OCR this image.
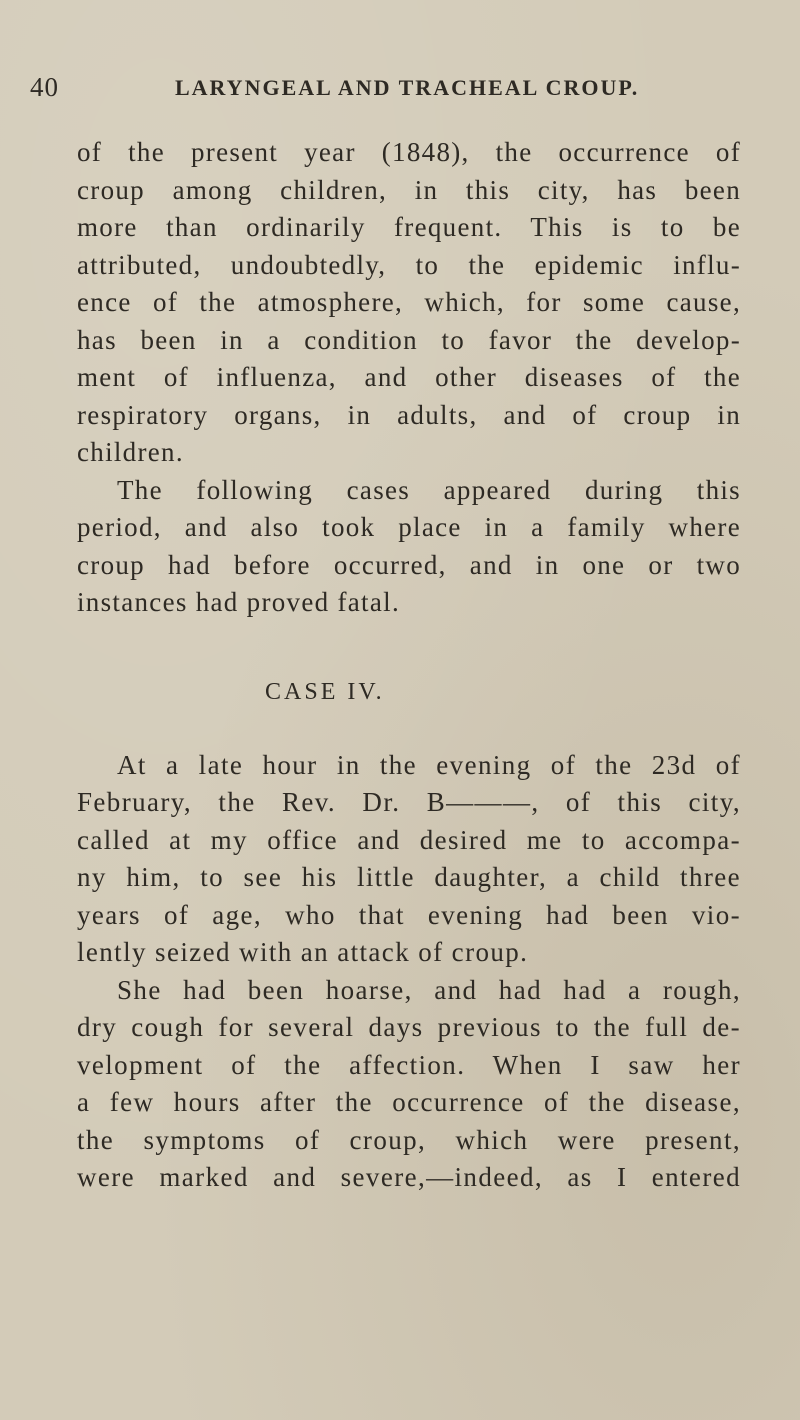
40	LARYNGEAL AND TRACHEAL CROUP.
of the present year (1848), the occurrence of
croup among children, in this city, has been
more than ordinarily frequent. This is to be
attributed, undoubtedly, to the epidemic influ-
ence of the atmosphere, which, for some cause,
has been in a condition to favor the develop-
ment of influenza, and other diseases of the
respiratory organs, in adults, and of croup in
children.
The following cases appeared during this
period, and also took place in a family where
croup had before occurred, and in one or two
instances had proved fatal.
CASE IV.
At a late hour in the evening of the 23d of
February, the Rev. Dr. B———, of this city,
called at my office and desired me to accompa-
ny him, to see his little daughter, a child three
years of age, who that evening had been vio-
lently seized with an attack of croup.
She had been hoarse, and had had a rough,
dry cough for several days previous to the full de-
velopment of the affection. When I saw her
a few hours after the occurrence of the disease,
the symptoms of croup, which were present,
were marked and severe,—indeed, as I entered
